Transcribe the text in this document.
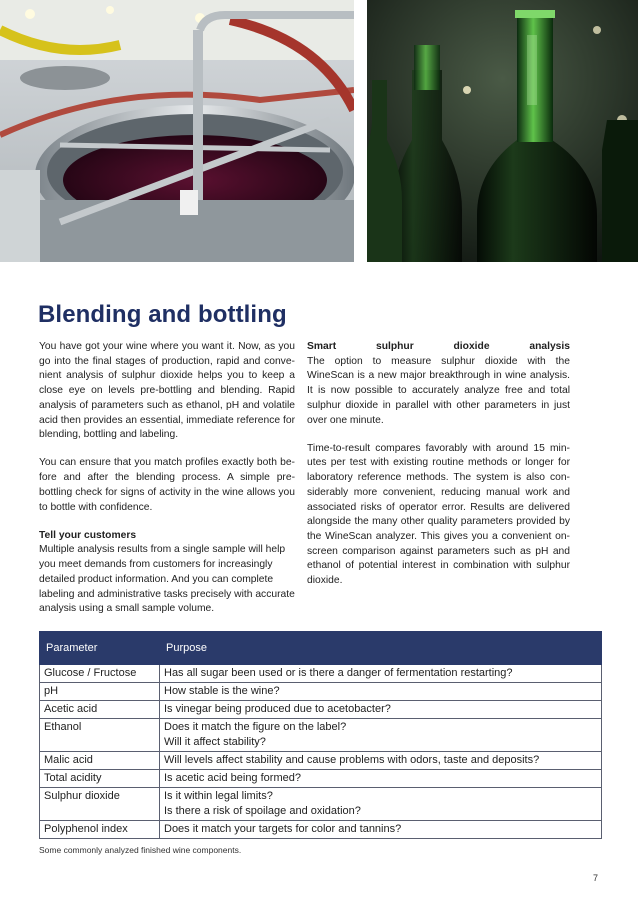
Blending and bottling

You have got your wine where you want it. Now, as you go into the final stages of production, rapid and conve-nient analysis of sulphur dioxide helps you to keep a close eye on levels pre-bottling and blending. Rapid analysis of parameters such as ethanol, pH and volatile acid then provides an essential, immediate reference for blending, bottling and labeling.

You can ensure that you match profiles exactly both be-fore and after the blending process. A simple pre-bottling check for signs of activity in the wine allows you to bottle with confidence.

Tell your customers
Multiple analysis results from a single sample will help you meet demands from customers for increasingly detailed product information. And you can complete labeling and administrative tasks precisely with accurate analysis using a small sample volume.

Smart	sulphur	dioxide	analysis
The option to measure sulphur dioxide with the WineScan is a new major breakthrough in wine analysis. It is now possible to accurately analyze free and total sulphur dioxide in parallel with other parameters in just over one minute.

Time-to-result compares favorably with around 15 min-utes per test with existing routine methods or longer for laboratory reference methods. The system is also con-siderably more convenient, reducing manual work and associated risks of operator error. Results are delivered alongside the many other quality parameters provided by the WineScan analyzer. This gives you a convenient on-screen comparison against parameters such as pH and ethanol of potential interest in combination with sulphur dioxide.

Parameter	Purpose
Glucose / Fructose	Has all sugar been used or is there a danger of fermentation restarting?

pH	How stable is the wine?

Acetic acid	Is vinegar being produced due to acetobacter?

Ethanol	Does it match the figure on the label?
Will it affect stability?

Malic acid	Will levels affect stability and cause problems with odors, taste and deposits?

Total acidity	Is acetic acid being formed?

Sulphur dioxide	Is it within legal limits?
Is there a risk of spoilage and oxidation?

Polyphenol index	Does it match your targets for color and tannins?
Some commonly analyzed finished wine components.
7
